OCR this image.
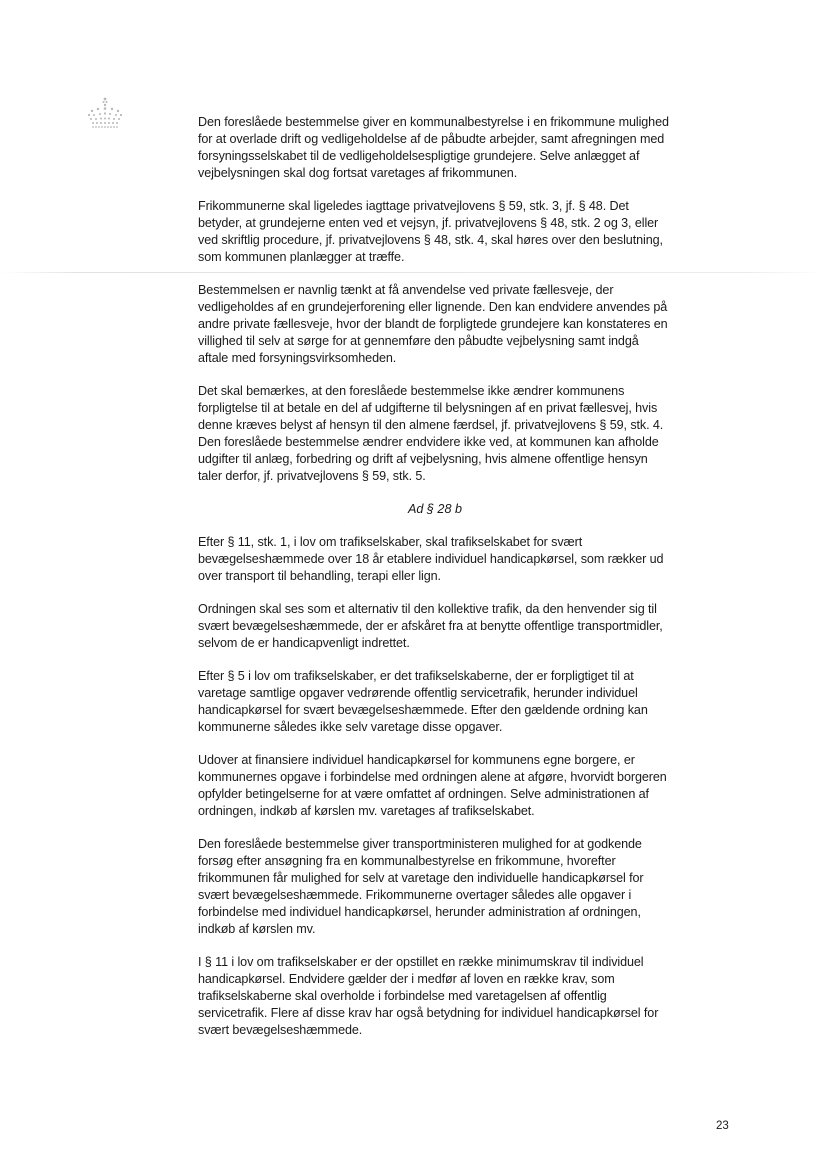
Den foreslåede bestemmelse giver en kommunalbestyrelse i en frikommune mulighed
for at overlade drift og vedligeholdelse af de påbudte arbejder, samt afregningen med
forsyningsselskabet til de vedligeholdelsespligtige grundejere. Selve anlægget af
vejbelysningen skal dog fortsat varetages af frikommunen.
Frikommunerne skal ligeledes iagttage privatvejlovens § 59, stk. 3, jf. § 48. Det
betyder, at grundejerne enten ved et vejsyn, jf. privatvejlovens § 48, stk. 2 og 3, eller
ved skriftlig procedure, jf. privatvejlovens § 48, stk. 4, skal høres over den beslutning,
som kommunen planlægger at træffe.
Bestemmelsen er navnlig tænkt at få anvendelse ved private fællesveje, der
vedligeholdes af en grundejerforening eller lignende. Den kan endvidere anvendes på
andre private fællesveje, hvor der blandt de forpligtede grundejere kan konstateres en
villighed til selv at sørge for at gennemføre den påbudte vejbelysning samt indgå
aftale med forsyningsvirksomheden.
Det skal bemærkes, at den foreslåede bestemmelse ikke ændrer kommunens
forpligtelse til at betale en del af udgifterne til belysningen af en privat fællesvej, hvis
denne kræves belyst af hensyn til den almene færdsel, jf. privatvejlovens § 59, stk. 4.
Den foreslåede bestemmelse ændrer endvidere ikke ved, at kommunen kan afholde
udgifter til anlæg, forbedring og drift af vejbelysning, hvis almene offentlige hensyn
taler derfor, jf. privatvejlovens § 59, stk. 5.
Ad § 28 b
Efter § 11, stk. 1, i lov om trafikselskaber, skal trafikselskabet for svært
bevægelseshæmmede over 18 år etablere individuel handicapkørsel, som rækker ud
over transport til behandling, terapi eller lign.
Ordningen skal ses som et alternativ til den kollektive trafik, da den henvender sig til
svært bevægelseshæmmede, der er afskåret fra at benytte offentlige transportmidler,
selvom de er handicapvenligt indrettet.
Efter § 5 i lov om trafikselskaber, er det trafikselskaberne, der er forpligtiget til at
varetage samtlige opgaver vedrørende offentlig servicetrafik, herunder individuel
handicapkørsel for svært bevægelseshæmmede. Efter den gældende ordning kan
kommunerne således ikke selv varetage disse opgaver.
Udover at finansiere individuel handicapkørsel for kommunens egne borgere, er
kommunernes opgave i forbindelse med ordningen alene at afgøre, hvorvidt borgeren
opfylder betingelserne for at være omfattet af ordningen. Selve administrationen af
ordningen, indkøb af kørslen mv. varetages af trafikselskabet.
Den foreslåede bestemmelse giver transportministeren mulighed for at godkende
forsøg efter ansøgning fra en kommunalbestyrelse en frikommune, hvorefter
frikommunen får mulighed for selv at varetage den individuelle handicapkørsel for
svært bevægelseshæmmede. Frikommunerne overtager således alle opgaver i
forbindelse med individuel handicapkørsel, herunder administration af ordningen,
indkøb af kørslen mv.
I § 11 i lov om trafikselskaber er der opstillet en række minimumskrav til individuel
handicapkørsel. Endvidere gælder der i medfør af loven en række krav, som
trafikselskaberne skal overholde i forbindelse med varetagelsen af offentlig
servicetrafik. Flere af disse krav har også betydning for individuel handicapkørsel for
svært bevægelseshæmmede.
23
